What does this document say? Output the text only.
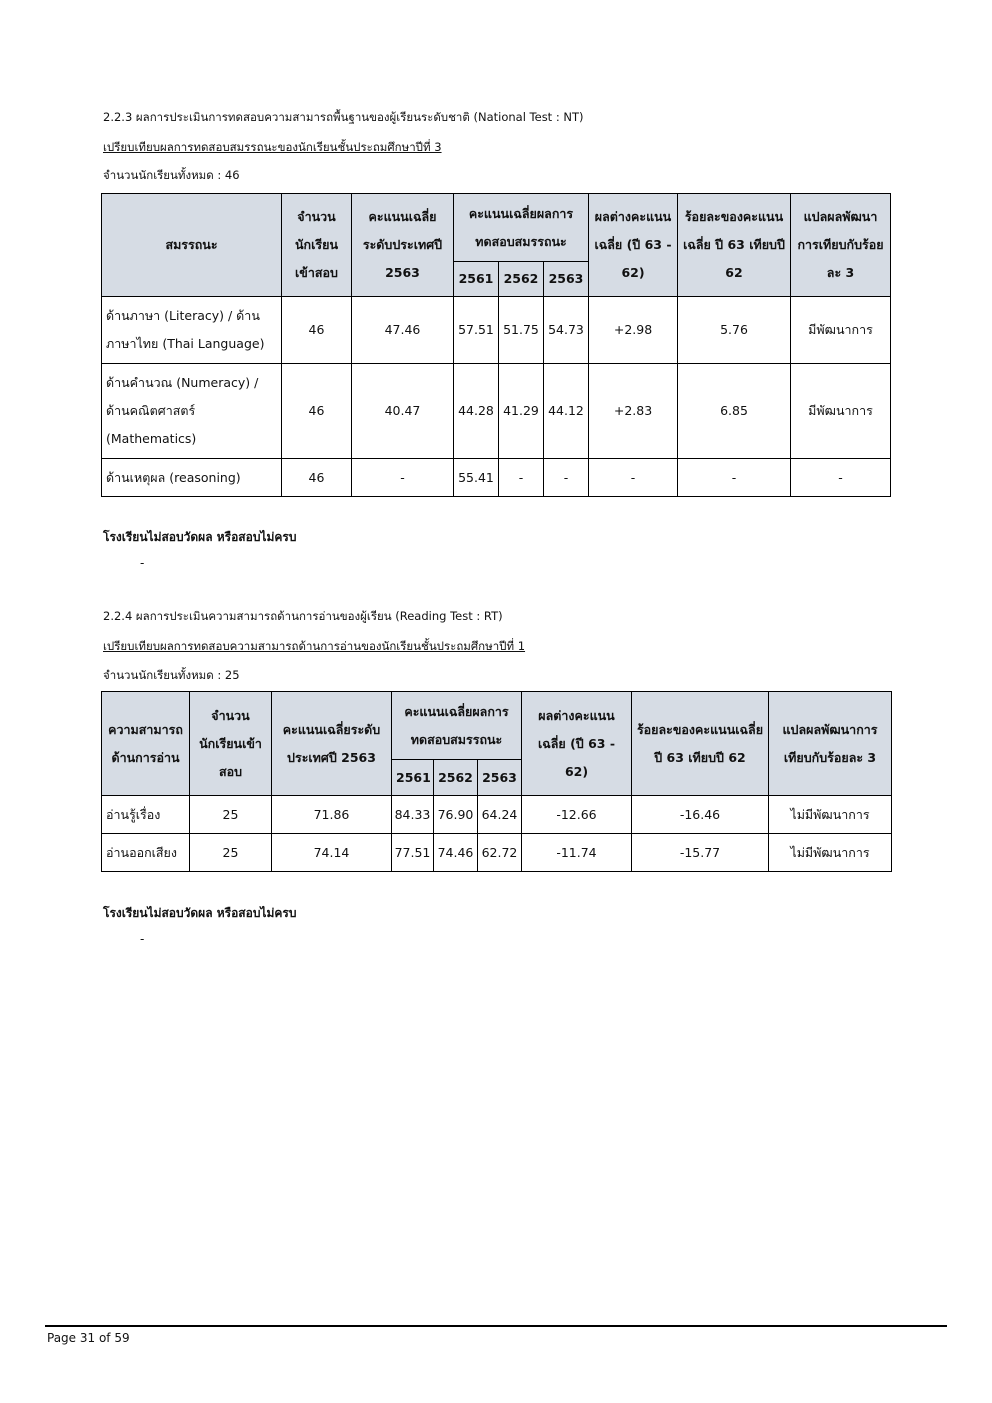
2.2.3 ผลการประเมินการทดสอบความสามารถพื้นฐานของผู้เรียนระดับชาติ (National Test : NT)
เปรียบเทียบผลการทดสอบสมรรถนะของนักเรียนชั้นประถมศึกษาปีที่ 3
จำนวนนักเรียนทั้งหมด : 46
สมรรถนะ	จำนวนนักเรียนเข้าสอบ	คะแนนเฉลี่ยระดับประเทศปี 2563	คะแนนเฉลี่ยผลการทดสอบสมรรถนะ			ผลต่างคะแนนเฉลี่ย (ปี 63 - 62)	ร้อยละของคะแนนเฉลี่ย ปี 63 เทียบปี 62	แปลผลพัฒนาการเทียบกับร้อยละ 3
			2561	2562	2563			
ด้านภาษา (Literacy) / ด้านภาษาไทย (Thai Language)	46	47.46	57.51	51.75	54.73	+2.98	5.76	มีพัฒนาการ
ด้านคำนวณ (Numeracy) / ด้านคณิตศาสตร์ (Mathematics)	46	40.47	44.28	41.29	44.12	+2.83	6.85	มีพัฒนาการ
ด้านเหตุผล (reasoning)	46	-	55.41	-	-	-	-	-
โรงเรียนไม่สอบวัดผล หรือสอบไม่ครบ
-
2.2.4 ผลการประเมินความสามารถด้านการอ่านของผู้เรียน (Reading Test : RT)
เปรียบเทียบผลการทดสอบความสามารถด้านการอ่านของนักเรียนชั้นประถมศึกษาปีที่ 1
จำนวนนักเรียนทั้งหมด : 25
ความสามารถด้านการอ่าน	จำนวนนักเรียนเข้าสอบ	คะแนนเฉลี่ยระดับประเทศปี 2563	คะแนนเฉลี่ยผลการทดสอบสมรรถนะ			ผลต่างคะแนนเฉลี่ย (ปี 63 - 62)	ร้อยละของคะแนนเฉลี่ย ปี 63 เทียบปี 62	แปลผลพัฒนาการเทียบกับร้อยละ 3
			2561	2562	2563			
อ่านรู้เรื่อง	25	71.86	84.33	76.90	64.24	-12.66	-16.46	ไม่มีพัฒนาการ
อ่านออกเสียง	25	74.14	77.51	74.46	62.72	-11.74	-15.77	ไม่มีพัฒนาการ
โรงเรียนไม่สอบวัดผล หรือสอบไม่ครบ
-
Page 31 of 59
